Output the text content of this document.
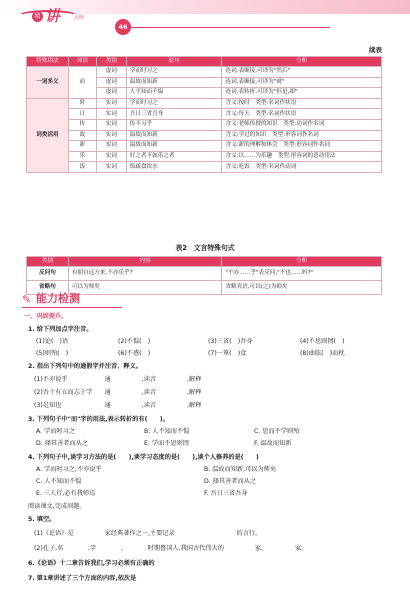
精 讲	点练
46
续表
特殊用法	词语	类别	原句	分析
一词多义	而	虚词	学而时习之	连词,表顺接,可译为"然后"
		虚词	温故而知新	连词,表顺接,可译为"就"
		虚词	人不知而不愠	连词,表转折,可译为"但是,却"
词类活用	时	实词	学而时习之	含义:按时　类型:名词作状语
	日	实词	吾日三省吾身	含义:每天　类型:名词作状语
	传	实词	传不习乎	含义:老师传授的知识　类型:动词作名词
	故	实词	温故而知新	含义:学过的知识　类型:形容词作名词
	新	实词	温故而知新	含义:新的理解和体会　类型:形容词作名词
	乐	实词	好之者不如乐之者	含义:以……为乐趣　类型:形容词的意动用法
	饭	实词	饭疏食饮水	含义:吃饭　类型:名词作动词
表2　文言特殊句式
类别	内容	分析
反问句	有朋自远方来,不亦乐乎?	"不亦……乎"表反问,"不也……吗?"
省略句	可以为师矣	省略宾语,可以(之)为师矣
✎ 能力检测
一、巩固提升。
1. 给下列加点字注音。
(1)论(　)语	(2)不愠(　)	(3)三省(　)吾身	(4)不思则罔(　)
(5)则殆(　)	(6)不惑(　)	(7)一箪(　)食	(8)曲肱(　)而枕
2. 指出下列句中的通假字并注音、释义。
(1)不亦说乎　　　　　　通　　　　　,读音　　　　　,解释　　　　　　　　
(2)吾十有五而志于学　　通　　　　　,读音　　　　　,解释　　　　　　　　
(3)是知也　　　　　　　通　　　　　,读音　　　　　,解释　　　　　　　　
3. 下列句子中"而"字的用法,表示转折的有(　　)。
A. 学而时习之	B. 人不知而不愠	C. 思而不学则殆
D. 择其善者而从之	E. 学而不思则罔	F. 温故而知新
4. 下列句子中,谈学习方法的是(　　),谈学习态度的是(　　),谈个人修养的是(　　)
A. 学而时习之,不亦说乎	B. 温故而知新,可以为师矣
C. 人不知而不愠	D. 择其善者而从之
E. 三人行,必有我师焉	F. 吾日三省吾身
阅读课文,完成问题。
5. 填空。
(1)《论语》是　　　　　家经典著作之一,主要记录　　　　　　　　　　的言行。
(2)孔子,名　　　　,字　　　　,　　　　时期鲁国人,我国古代伟大的　　　　　家、　　　　　家。
6.《论语》十二章告诉我们,学习必须有正确的　　　　　　　　　　　　　　　　　　　　
7. 第1章讲述了三个方面的内容,依次是　　　　　　　　　　　　　　　　　　　　　　　　
